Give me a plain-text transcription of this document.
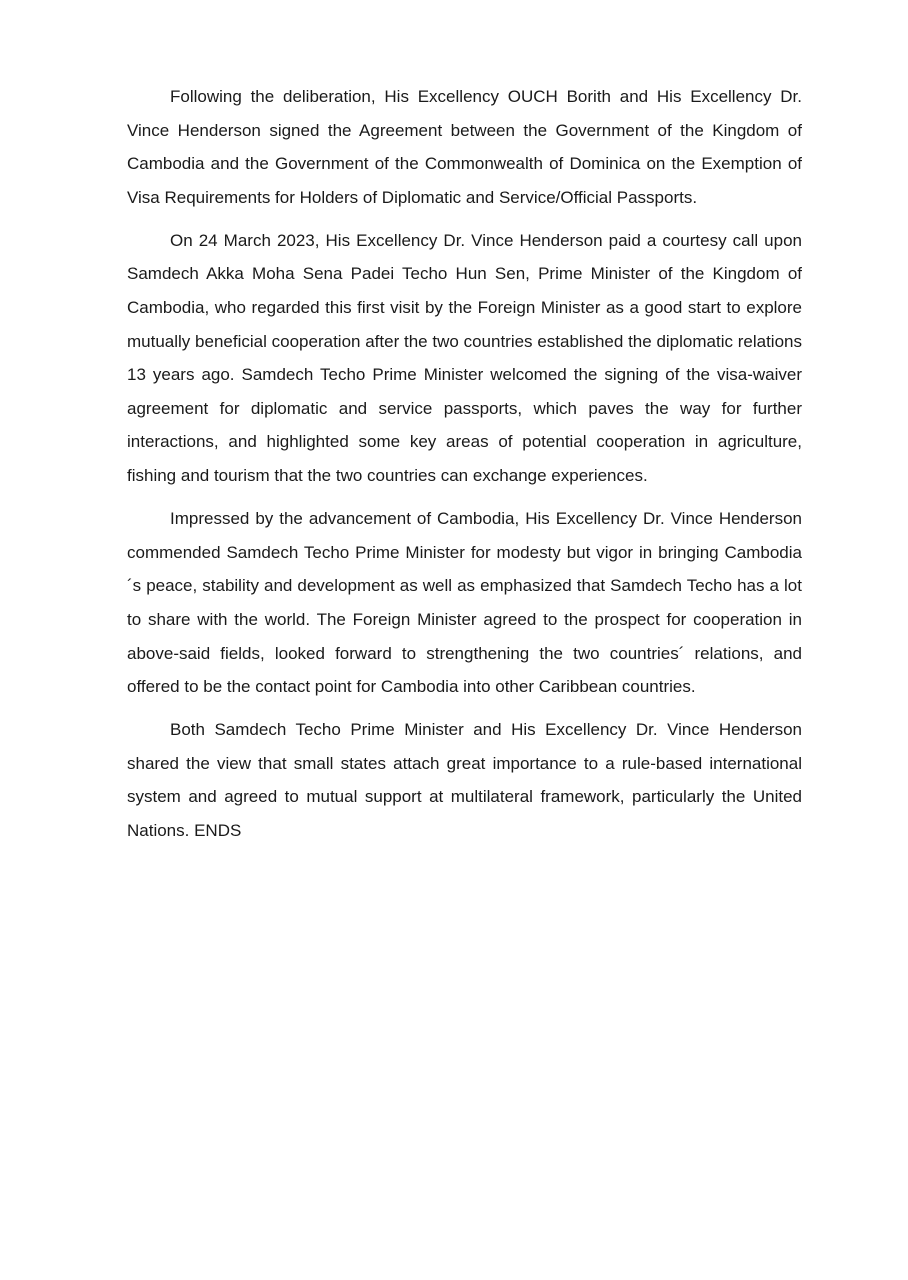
Following the deliberation, His Excellency OUCH Borith and His Excellency Dr. Vince Henderson signed the Agreement between the Government of the Kingdom of Cambodia and the Government of the Commonwealth of Dominica on the Exemption of Visa Requirements for Holders of Diplomatic and Service/Official Passports.

On 24 March 2023, His Excellency Dr. Vince Henderson paid a courtesy call upon Samdech Akka Moha Sena Padei Techo Hun Sen, Prime Minister of the Kingdom of Cambodia, who regarded this first visit by the Foreign Minister as a good start to explore mutually beneficial cooperation after the two countries established the diplomatic relations 13 years ago. Samdech Techo Prime Minister welcomed the signing of the visa-waiver agreement for diplomatic and service passports, which paves the way for further interactions, and highlighted some key areas of potential cooperation in agriculture, fishing and tourism that the two countries can exchange experiences.

Impressed by the advancement of Cambodia, His Excellency Dr. Vince Henderson commended Samdech Techo Prime Minister for modesty but vigor in bringing Cambodia´s peace, stability and development as well as emphasized that Samdech Techo has a lot to share with the world. The Foreign Minister agreed to the prospect for cooperation in above-said fields, looked forward to strengthening the two countries´ relations, and offered to be the contact point for Cambodia into other Caribbean countries.

Both Samdech Techo Prime Minister and His Excellency Dr. Vince Henderson shared the view that small states attach great importance to a rule-based international system and agreed to mutual support at multilateral framework, particularly the United Nations. ENDS
